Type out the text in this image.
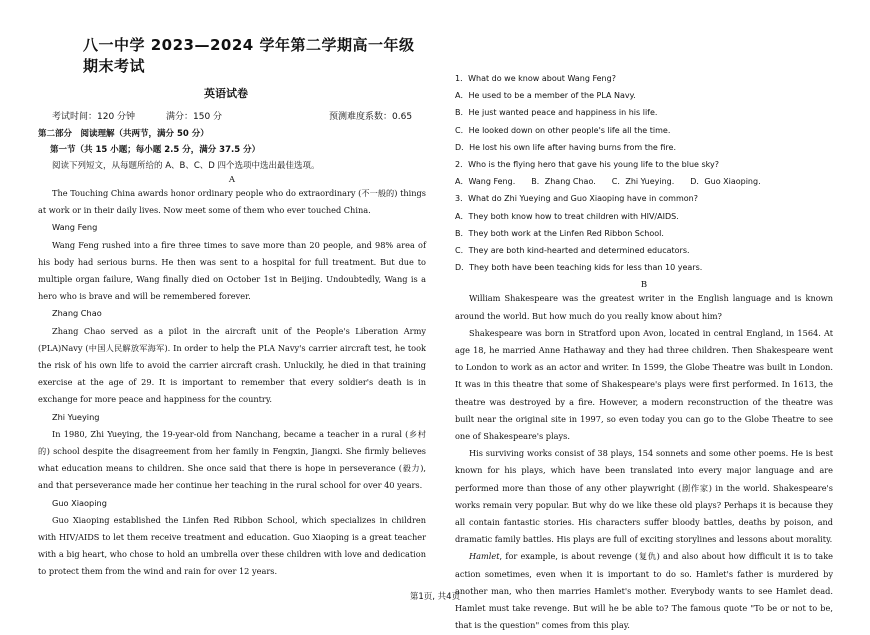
八一中学 2023—2024 学年第二学期高一年级期末考试
英语试卷
考试时间：120 分钟	满分：150 分	预测难度系数：0.65
第二部分　阅读理解（共两节，满分 50 分）
第一节（共 15 小题；每小题 2.5 分，满分 37.5 分）
阅读下列短文，从每题所给的 A、B、C、D 四个选项中选出最佳选项。
A

The Touching China awards honor ordinary people who do extraordinary (不一般的) things at work or in their daily lives. Now meet some of them who ever touched China.

Wang Feng

Wang Feng rushed into a fire three times to save more than 20 people, and 98% area of his body had serious burns. He then was sent to a hospital for full treatment. But due to multiple organ failure, Wang finally died on October 1st in Beijing. Undoubtedly, Wang is a hero who is brave and will be remembered forever.

Zhang Chao

Zhang Chao served as a pilot in the aircraft unit of the People's Liberation Army (PLA)Navy (中国人民解放军海军). In order to help the PLA Navy's carrier aircraft test, he took the risk of his own life to avoid the carrier aircraft crash. Unluckily, he died in that training exercise at the age of 29. It is important to remember that every soldier's death is in exchange for more peace and happiness for the country.

Zhi Yueying

In 1980, Zhi Yueying, the 19-year-old from Nanchang, became a teacher in a rural (乡村的) school despite the disagreement from her family in Fengxin, Jiangxi. She firmly believes what education means to children. She once said that there is hope in perseverance (毅力), and that perseverance made her continue her teaching in the rural school for over 40 years.

Guo Xiaoping

Guo Xiaoping established the Linfen Red Ribbon School, which specializes in children with HIV/AIDS to let them receive treatment and education. Guo Xiaoping is a great teacher with a big heart, who chose to hold an umbrella over these children with love and dedication to protect them from the wind and rain for over 12 years.

1．What do we know about Wang Feng?
A．He used to be a member of the PLA Navy.
B．He just wanted peace and happiness in his life.
C．He looked down on other people's life all the time.
D．He lost his own life after having burns from the fire.
2．Who is the flying hero that gave his young life to the blue sky?
A．Wang Feng. B．Zhang Chao. C．Zhi Yueying. D．Guo Xiaoping.
3．What do Zhi Yueying and Guo Xiaoping have in common?
A．They both know how to treat children with HIV/AIDS.
B．They both work at the Linfen Red Ribbon School.
C．They are both kind-hearted and determined educators.
D．They both have been teaching kids for less than 10 years.
B

William Shakespeare was the greatest writer in the English language and is known around the world. But how much do you really know about him?

Shakespeare was born in Stratford upon Avon, located in central England, in 1564. At age 18, he married Anne Hathaway and they had three children. Then Shakespeare went to London to work as an actor and writer. In 1599, the Globe Theatre was built in London. It was in this theatre that some of Shakespeare's plays were first performed. In 1613, the theatre was destroyed by a fire. However, a modern reconstruction of the theatre was built near the original site in 1997, so even today you can go to the Globe Theatre to see one of Shakespeare's plays.

His surviving works consist of 38 plays, 154 sonnets and some other poems. He is best known for his plays, which have been translated into every major language and are performed more than those of any other playwright (剧作家) in the world. Shakespeare's works remain very popular. But why do we like these old plays? Perhaps it is because they all contain fantastic stories. His characters suffer bloody battles, deaths by poison, and dramatic family battles. His plays are full of exciting storylines and lessons about morality.

Hamlet, for example, is about revenge (复仇) and also about how difficult it is to take action sometimes, even when it is important to do so. Hamlet's father is murdered by another man, who then marries Hamlet's mother. Everybody wants to see Hamlet dead. Hamlet must take revenge. But will he be able to? The famous quote "To be or not to be, that is the question" comes from this play.

第1页, 共4页
